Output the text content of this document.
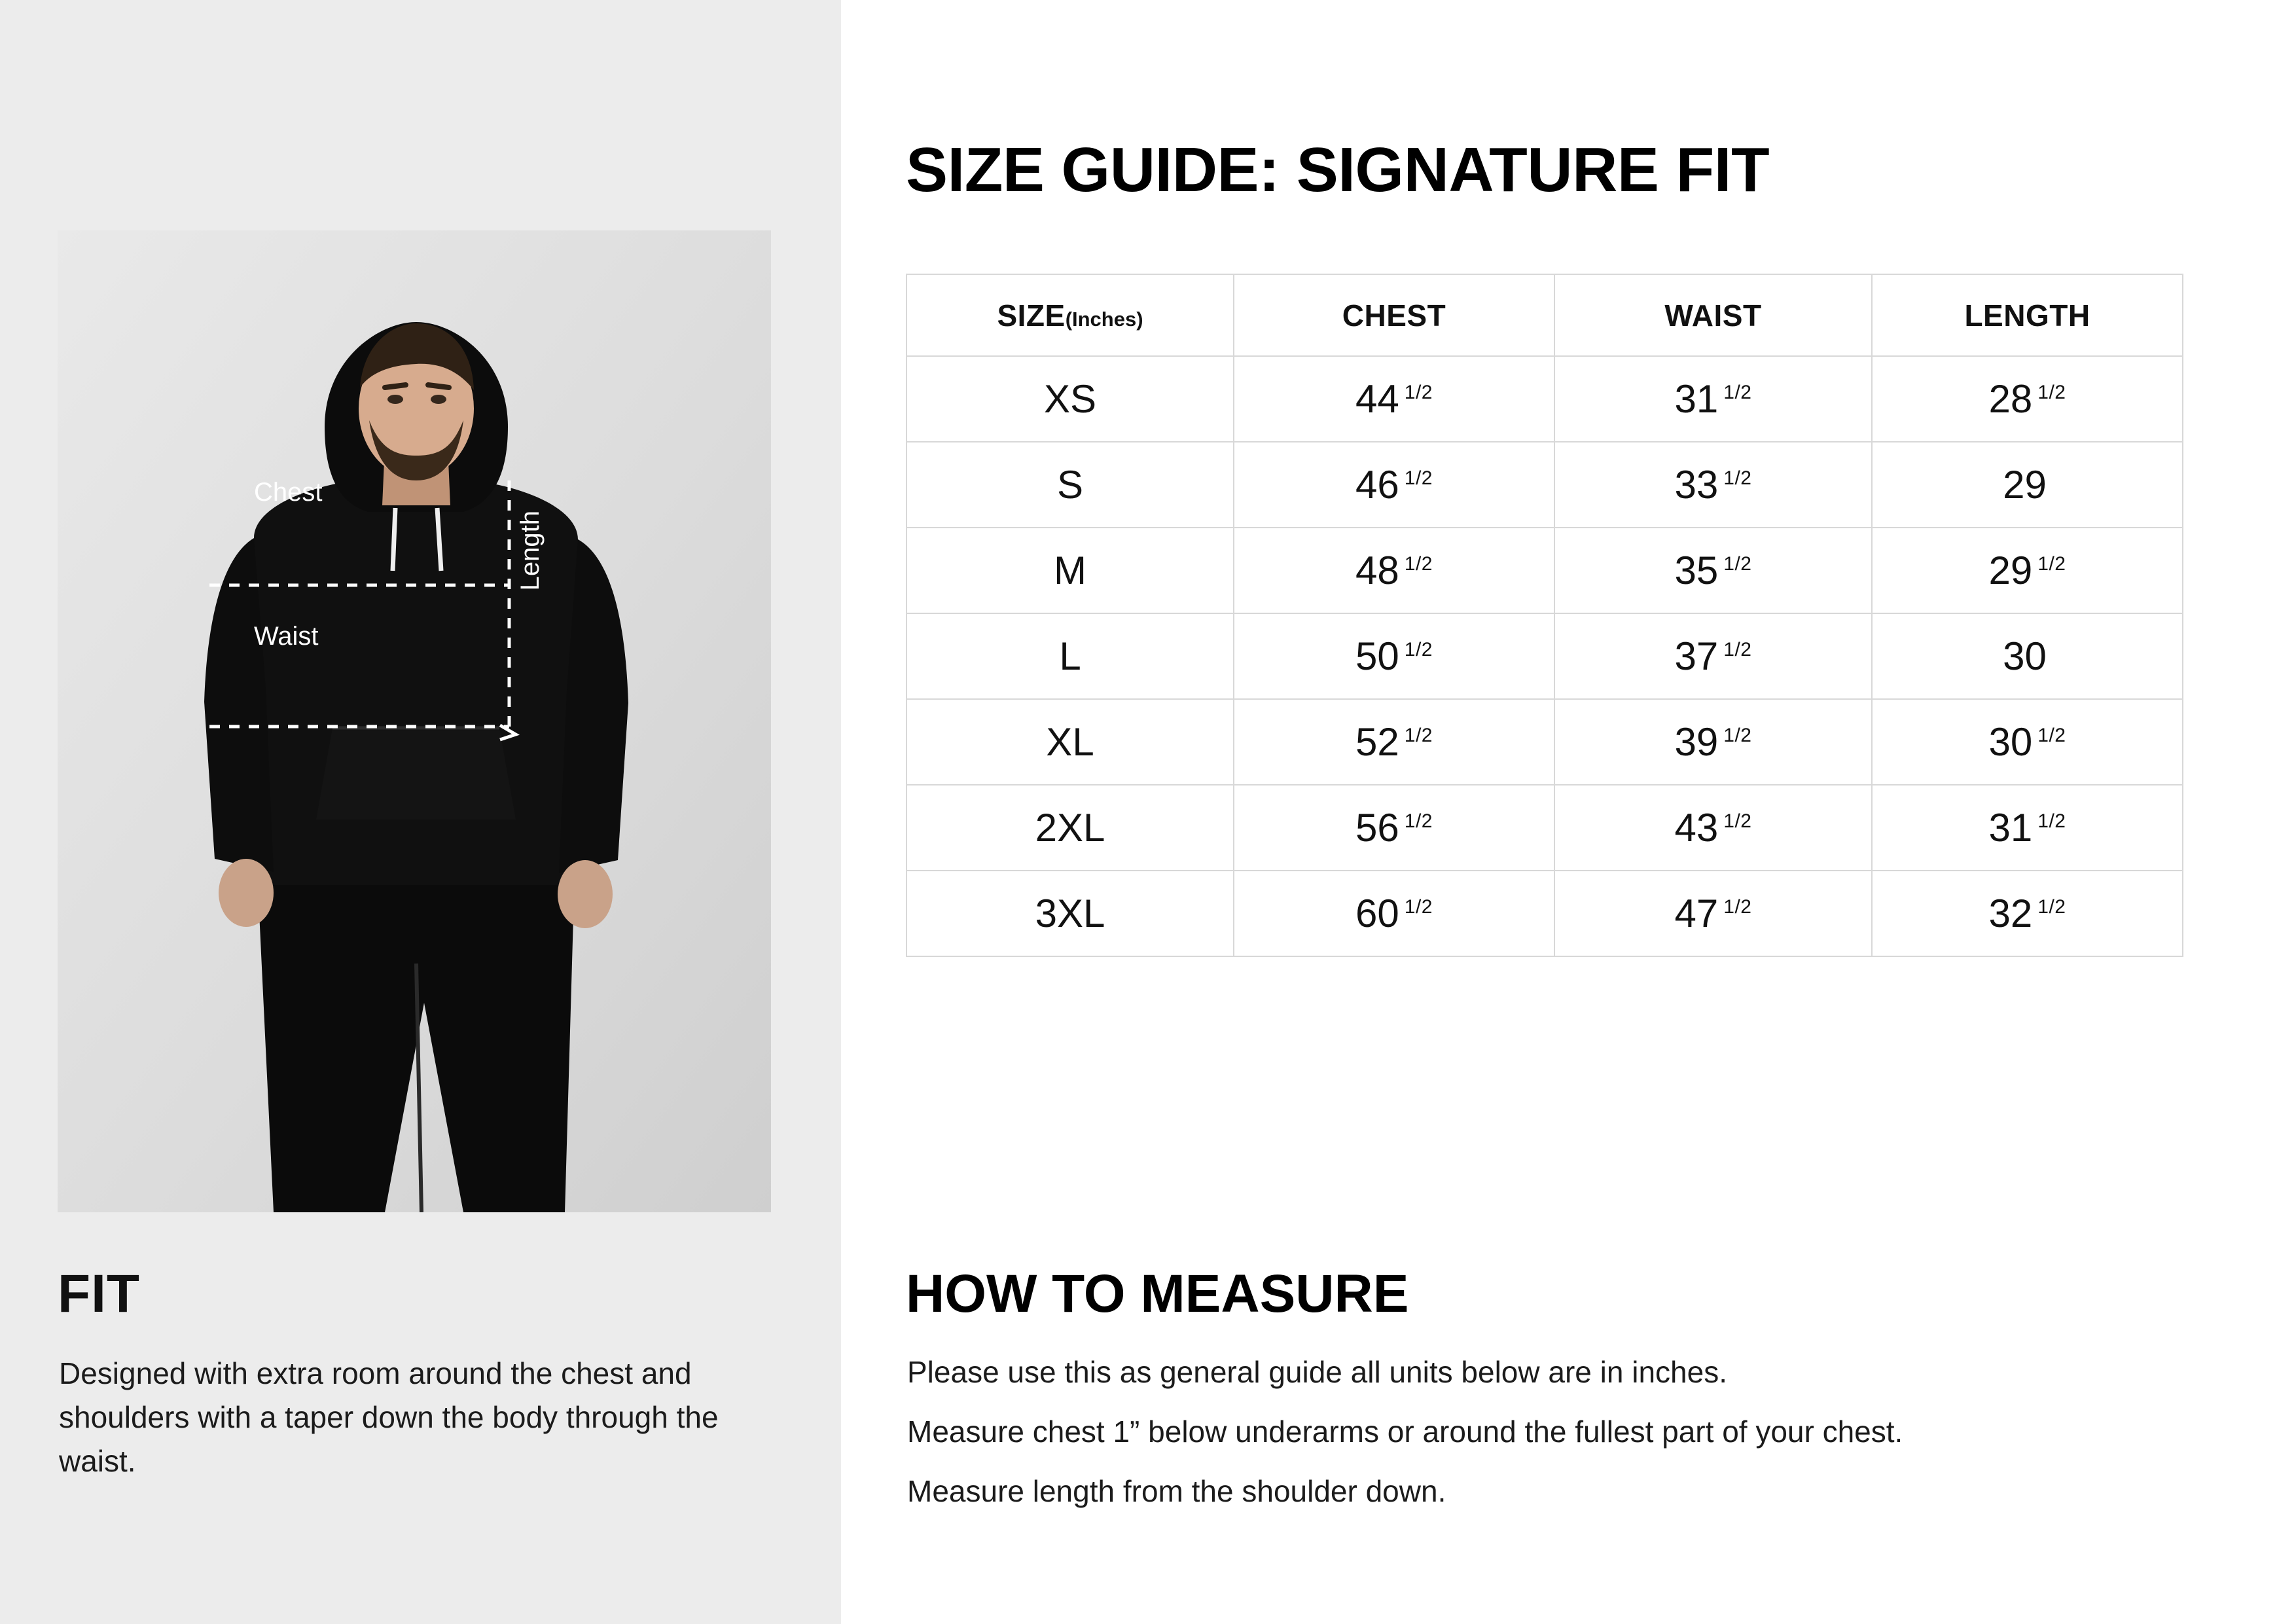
Chest
Waist
Length
FIT
Designed with extra room around the chest and shoulders with a taper down the body through the waist.
SIZE GUIDE: SIGNATURE FIT
SIZE(Inches)	CHEST	WAIST	LENGTH
XS	44 $^{1/2}$	31 $^{1/2}$	28 $^{1/2}$
S	46 $^{1/2}$	33 $^{1/2}$	29
M	48 $^{1/2}$	35 $^{1/2}$	29 $^{1/2}$
L	50 $^{1/2}$	37 $^{1/2}$	30
XL	52 $^{1/2}$	39 $^{1/2}$	30 $^{1/2}$
2XL	56 $^{1/2}$	43 $^{1/2}$	31 $^{1/2}$
3XL	60 $^{1/2}$	47 $^{1/2}$	32 $^{1/2}$
HOW TO MEASURE

Please use this as general guide all units below are in inches.

Measure chest 1” below underarms or around the fullest part of your chest.

Measure length from the shoulder down.
